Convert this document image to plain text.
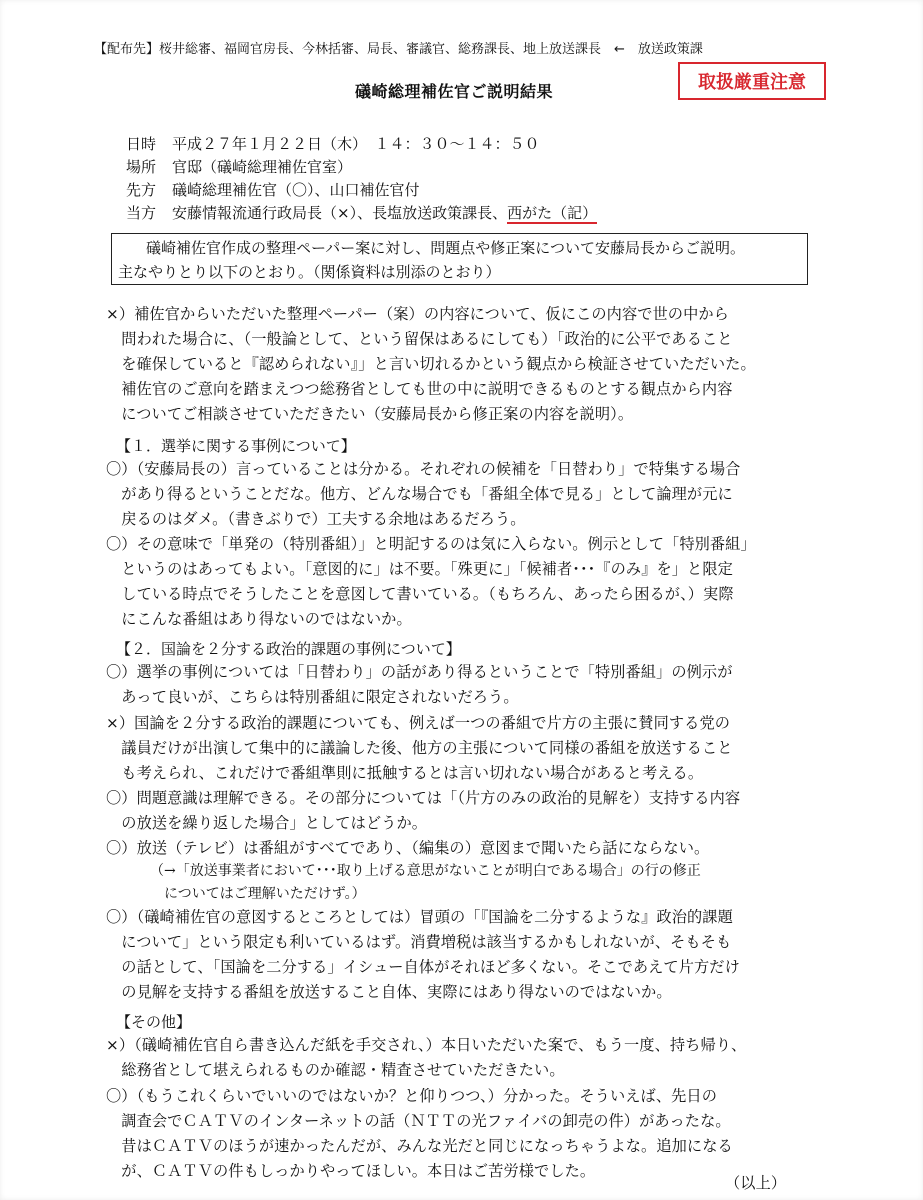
【配布先】桜井総審、福岡官房長、今林括審、局長、審議官、総務課長、地上放送課長　←　放送政策課
礒崎総理補佐官ご説明結果	取扱厳重注意
日時 平成２７年１月２２日（木）　１４：３０～１４：５０
場所 官邸（礒崎総理補佐官室）
先方 礒崎総理補佐官（〇）、山口補佐官付
当方 安藤情報流通行政局長（×）、長塩放送政策課長、西がた（記）
礒崎補佐官作成の整理ペーパー案に対し、問題点や修正案について安藤局長からご説明。
主なやりとり以下のとおり。（関係資料は別添のとおり）
×）補佐官からいただいた整理ペーパー（案）の内容について、仮にこの内容で世の中から
　問われた場合に、（一般論として、という留保はあるにしても）「政治的に公平であること
　を確保していると『認められない』」と言い切れるかという観点から検証させていただいた。
　補佐官のご意向を踏まえつつ総務省としても世の中に説明できるものとする観点から内容
　についてご相談させていただきたい（安藤局長から修正案の内容を説明）。
【１．選挙に関する事例について】
〇）（安藤局長の）言っていることは分かる。それぞれの候補を「日替わり」で特集する場合
　があり得るということだな。他方、どんな場合でも「番組全体で見る」として論理が元に
　戻るのはダメ。（書きぶりで）工夫する余地はあるだろう。
〇）その意味で「単発の（特別番組）」と明記するのは気に入らない。例示として「特別番組」
　というのはあってもよい。「意図的に」は不要。「殊更に」「候補者･･･『のみ』を」と限定
　している時点でそうしたことを意図して書いている。（もちろん、あったら困るが、）実際
　にこんな番組はあり得ないのではないか。
【２．国論を２分する政治的課題の事例について】
〇）選挙の事例については「日替わり」の話があり得るということで「特別番組」の例示が
　あって良いが、こちらは特別番組に限定されないだろう。
×）国論を２分する政治的課題についても、例えば一つの番組で片方の主張に賛同する党の
　議員だけが出演して集中的に議論した後、他方の主張について同様の番組を放送すること
　も考えられ、これだけで番組準則に抵触するとは言い切れない場合があると考える。
〇）問題意識は理解できる。その部分については「（片方のみの政治的見解を）支持する内容
　の放送を繰り返した場合」としてはどうか。
〇）放送（テレビ）は番組がすべてであり、（編集の）意図まで聞いたら話にならない。
（→「放送事業者において･･･取り上げる意思がないことが明白である場合」の行の修正
　についてはご理解いただけず。）
〇）（礒崎補佐官の意図するところとしては）冒頭の「『国論を二分するような』政治的課題
　について」という限定も利いているはず。消費増税は該当するかもしれないが、そもそも
　の話として、「国論を二分する」イシュー自体がそれほど多くない。そこであえて片方だけ
　の見解を支持する番組を放送すること自体、実際にはあり得ないのではないか。
【その他】
×）（礒崎補佐官自ら書き込んだ紙を手交され、）本日いただいた案で、もう一度、持ち帰り、
　総務省として堪えられるものか確認・精査させていただきたい。
〇）（もうこれくらいでいいのではないか？と仰りつつ、）分かった。そういえば、先日の
　調査会でＣＡＴＶのインターネットの話（ＮＴＴの光ファイバの卸売の件）があったな。
　昔はＣＡＴＶのほうが速かったんだが、みんな光だと同じになっちゃうよな。追加になる
　が、ＣＡＴＶの件もしっかりやってほしい。本日はご苦労様でした。
（以上）
